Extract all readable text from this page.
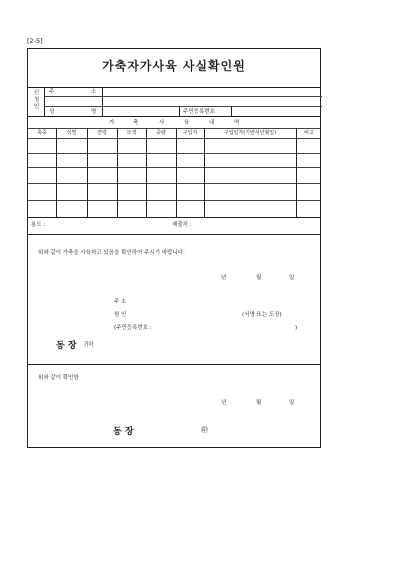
[2-5]
가축자가사육 사실확인원
신
청
인
주	소
성	명	주민등록번호
가	축	사	육	내	역
축종	성별	연령	모색	중량	구입처	구입일자(기번식년월일)	비고
용도 :	제출처 :
위와 같이 가축을 사육하고 있음을 확인하여 주시기 바랍니다.
년	월	일
주 소
원 인	(서명 또는 도장)
(주민등록번호 :	)
동 장 귀하
위와 같이 확인함
년	월	일
동 장	㊞
